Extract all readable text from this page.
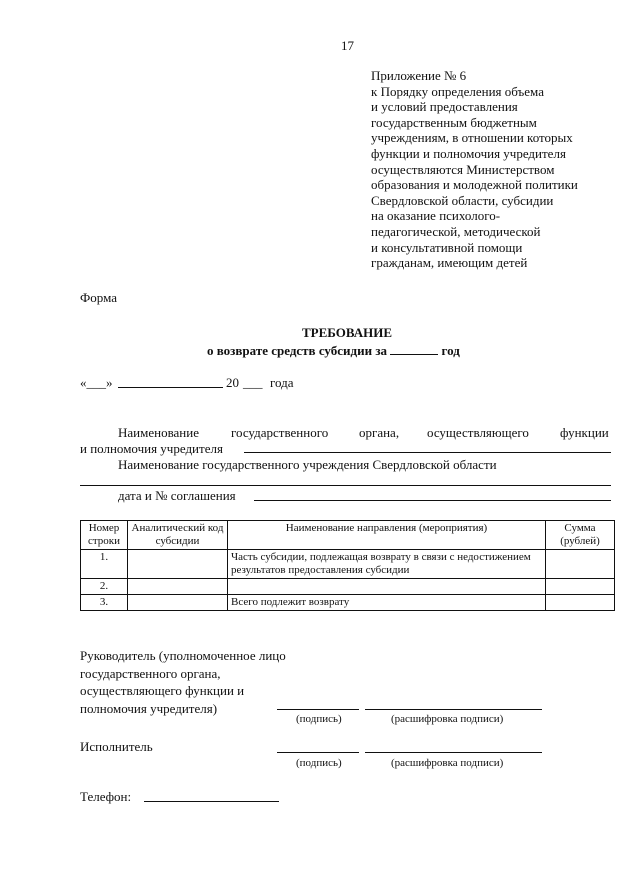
17
Приложение № 6
к Порядку определения объема
и условий предоставления
государственным бюджетным
учреждениям, в отношении которых
функции и полномочия учредителя
осуществляются Министерством
образования и молодежной политики
Свердловской области, субсидии
на оказание психолого-
педагогической, методической
и консультативной помощи
гражданам, имеющим детей
Форма
ТРЕБОВАНИЕ
о возврате средств субсидии за	год
«___»	20 ___ года
Наименование государственного органа, осуществляющего функции
и полномочия учредителя
Наименование государственного учреждения Свердловской области
дата и № соглашения
Номер строки	Аналитический код субсидии	Наименование направления (мероприятия)	Сумма (рублей)
1.		Часть субсидии, подлежащая возврату в связи с недостижением результатов предоставления субсидии	
2.			
3.		Всего подлежит возврату	
Руководитель (уполномоченное лицо
государственного органа,
осуществляющего функции и
полномочия учредителя)
(подпись)	(расшифровка подписи)
Исполнитель
(подпись)	(расшифровка подписи)
Телефон:
